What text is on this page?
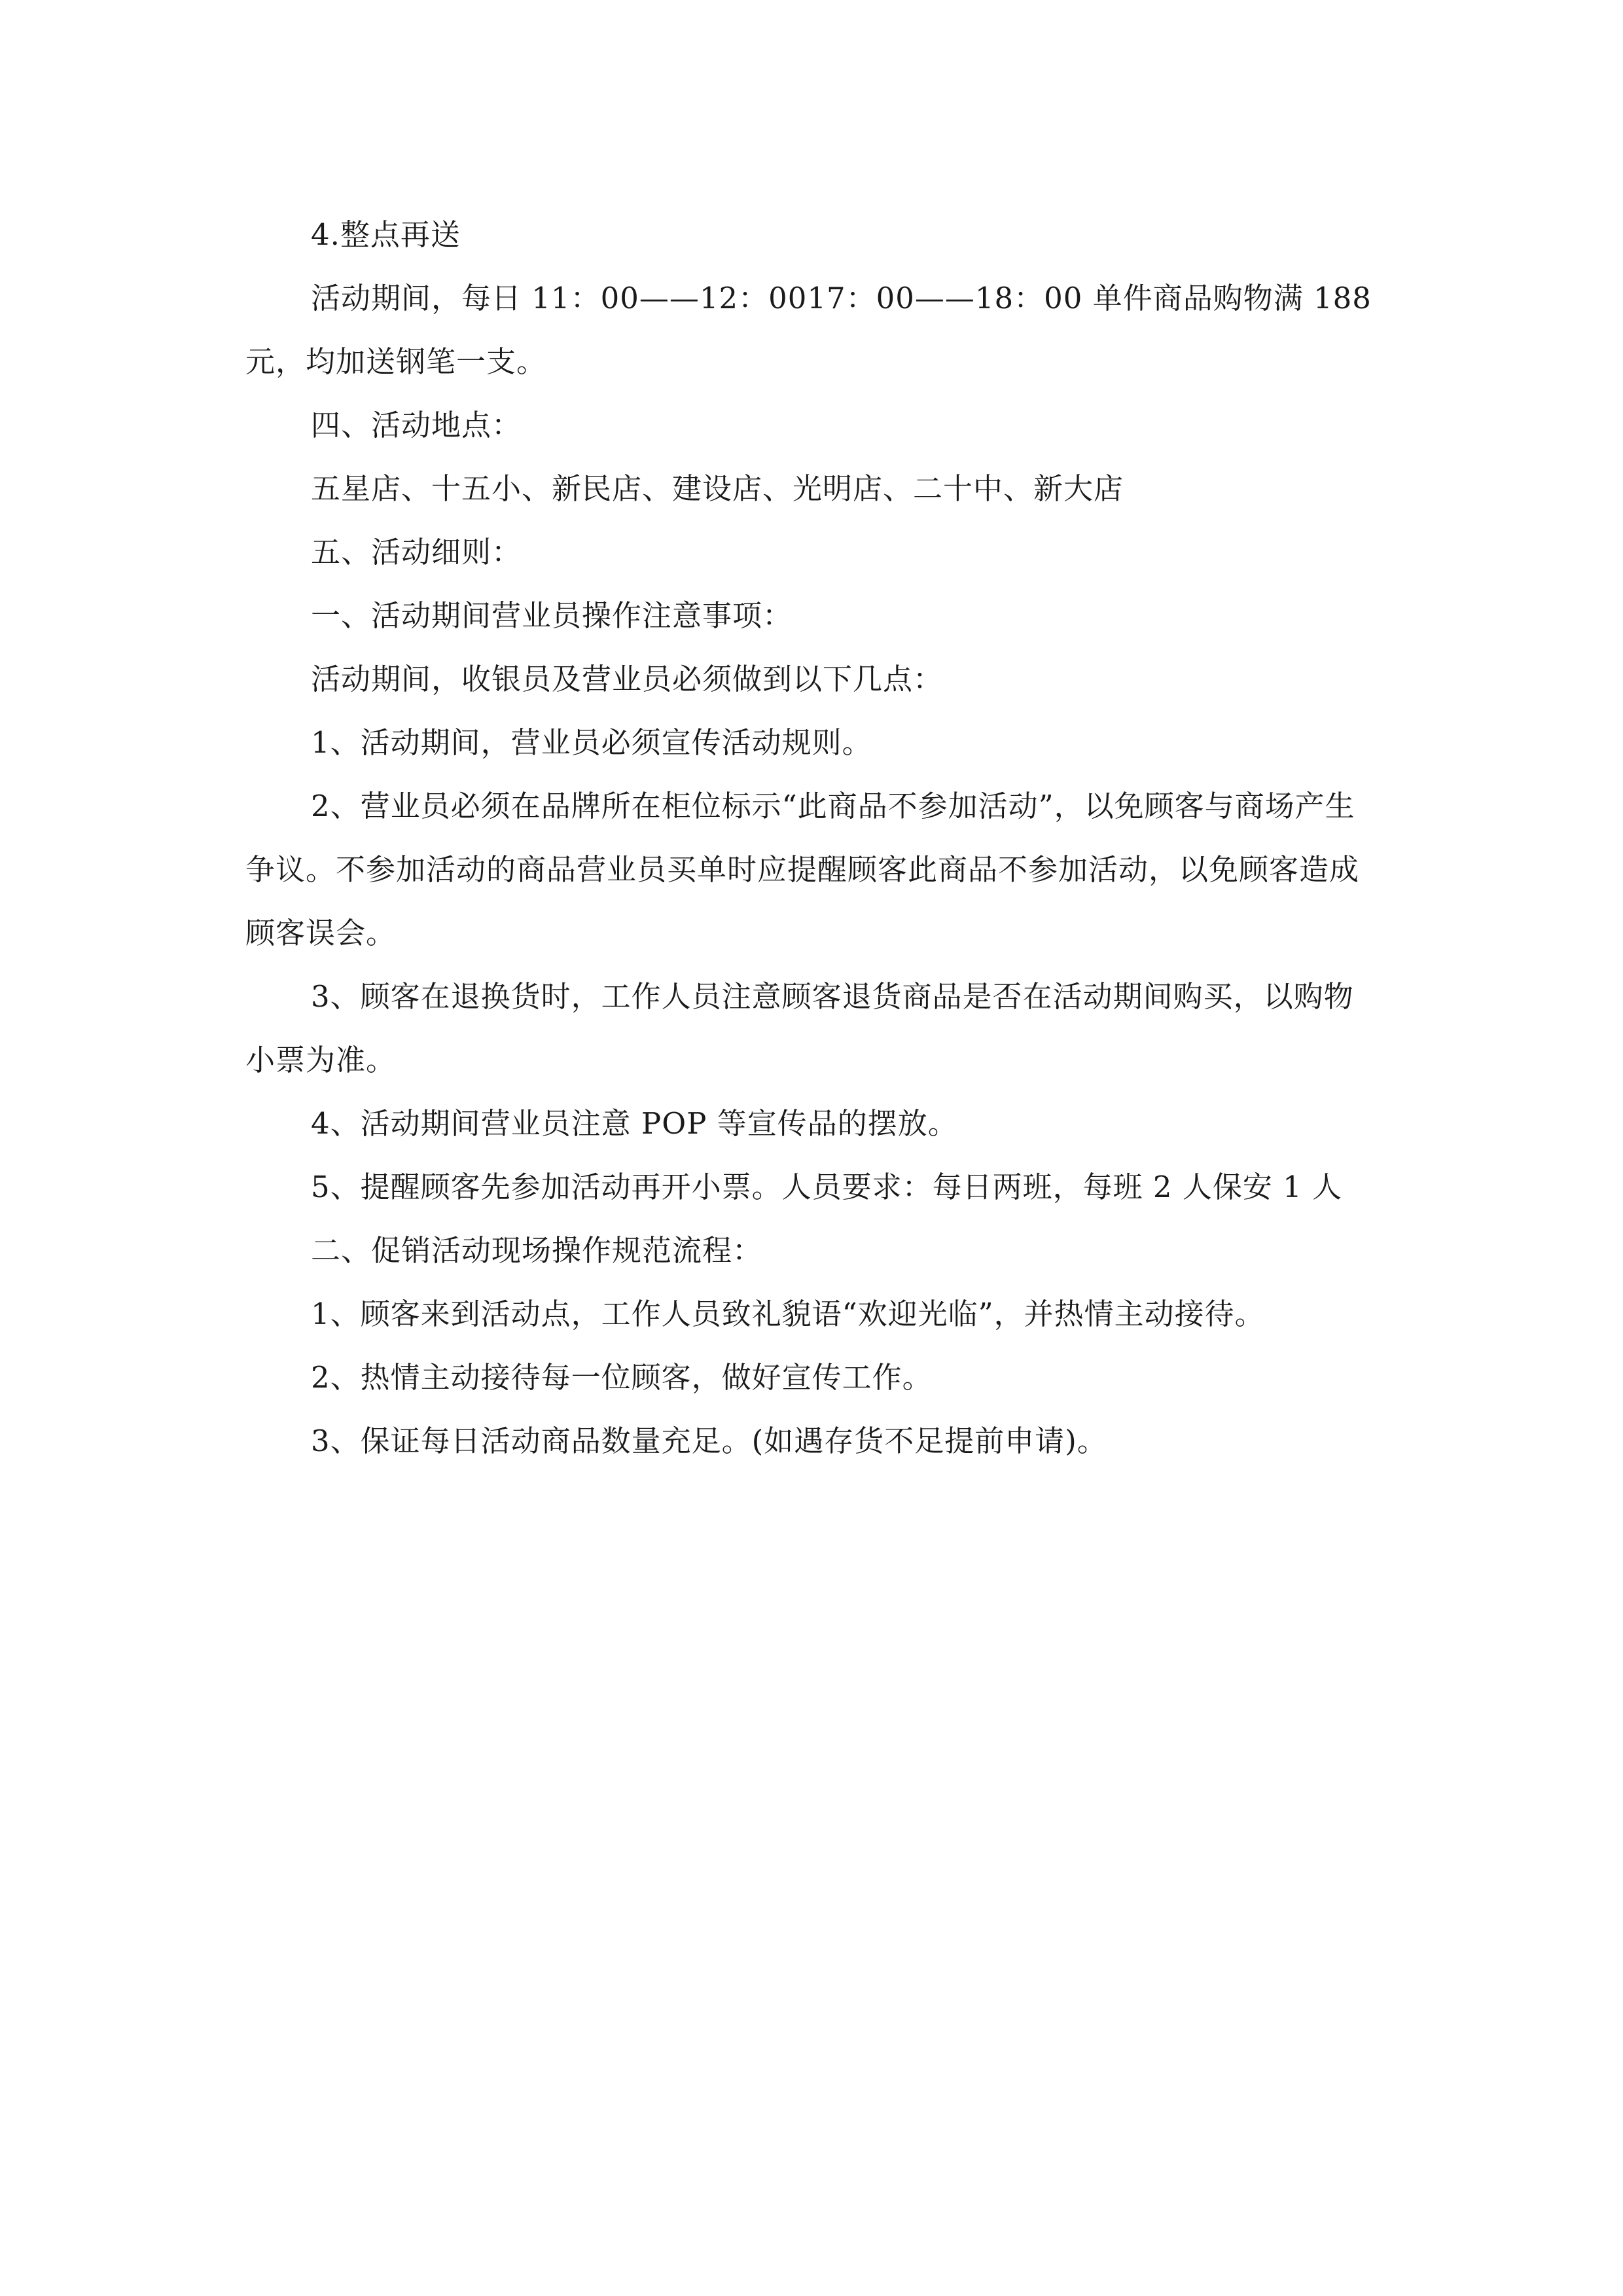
4.整点再送

活动期间，每日 11：00——12：0017：00——18：00 单件商品购物满 188 元，均加送钢笔一支。

四、活动地点：

五星店、十五小、新民店、建设店、光明店、二十中、新大店

五、活动细则：

一、活动期间营业员操作注意事项：

活动期间，收银员及营业员必须做到以下几点：

1、活动期间，营业员必须宣传活动规则。

2、营业员必须在品牌所在柜位标示“此商品不参加活动”，以免顾客与商场产生争议。不参加活动的商品营业员买单时应提醒顾客此商品不参加活动，以免顾客造成顾客误会。

3、顾客在退换货时，工作人员注意顾客退货商品是否在活动期间购买，以购物小票为准。

4、活动期间营业员注意 POP 等宣传品的摆放。

5、提醒顾客先参加活动再开小票。人员要求：每日两班，每班 2 人保安 1 人

二、促销活动现场操作规范流程：

1、顾客来到活动点，工作人员致礼貌语“欢迎光临”，并热情主动接待。

2、热情主动接待每一位顾客，做好宣传工作。

3、保证每日活动商品数量充足。(如遇存货不足提前申请)。
